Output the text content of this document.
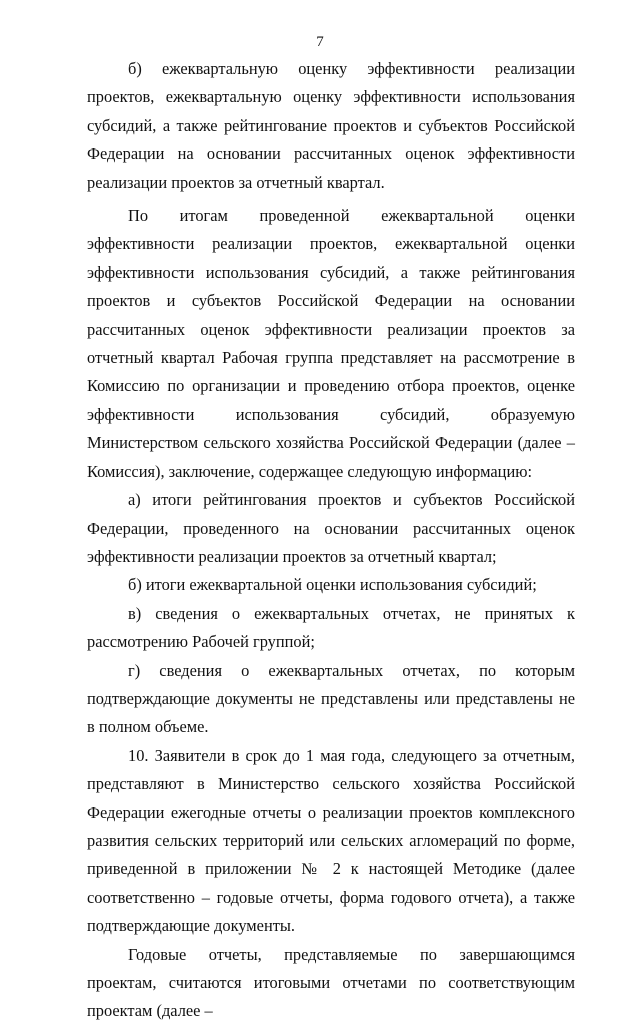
7

б) ежеквартальную оценку эффективности реализации проектов, ежеквартальную оценку эффективности использования субсидий, а также рейтингование проектов и субъектов Российской Федерации на основании рассчитанных оценок эффективности реализации проектов за отчетный квартал.

По итогам проведенной ежеквартальной оценки эффективности реализации проектов, ежеквартальной оценки эффективности использования субсидий, а также рейтингования проектов и субъектов Российской Федерации на основании рассчитанных оценок эффективности реализации проектов за отчетный квартал Рабочая группа представляет на рассмотрение в Комиссию по организации и проведению отбора проектов, оценке эффективности использования субсидий, образуемую Министерством сельского хозяйства Российской Федерации (далее – Комиссия), заключение, содержащее следующую информацию:

а) итоги рейтингования проектов и субъектов Российской Федерации, проведенного на основании рассчитанных оценок эффективности реализации проектов за отчетный квартал;

б) итоги ежеквартальной оценки использования субсидий;

в) сведения о ежеквартальных отчетах, не принятых к рассмотрению Рабочей группой;

г) сведения о ежеквартальных отчетах, по которым подтверждающие документы не представлены или представлены не в полном объеме.

10. Заявители в срок до 1 мая года, следующего за отчетным, представляют в Министерство сельского хозяйства Российской Федерации ежегодные отчеты о реализации проектов комплексного развития сельских территорий или сельских агломераций по форме, приведенной в приложении № 2 к настоящей Методике (далее соответственно – годовые отчеты, форма годового отчета), а также подтверждающие документы.

Годовые отчеты, представляемые по завершающимся проектам, считаются итоговыми отчетами по соответствующим проектам (далее –
